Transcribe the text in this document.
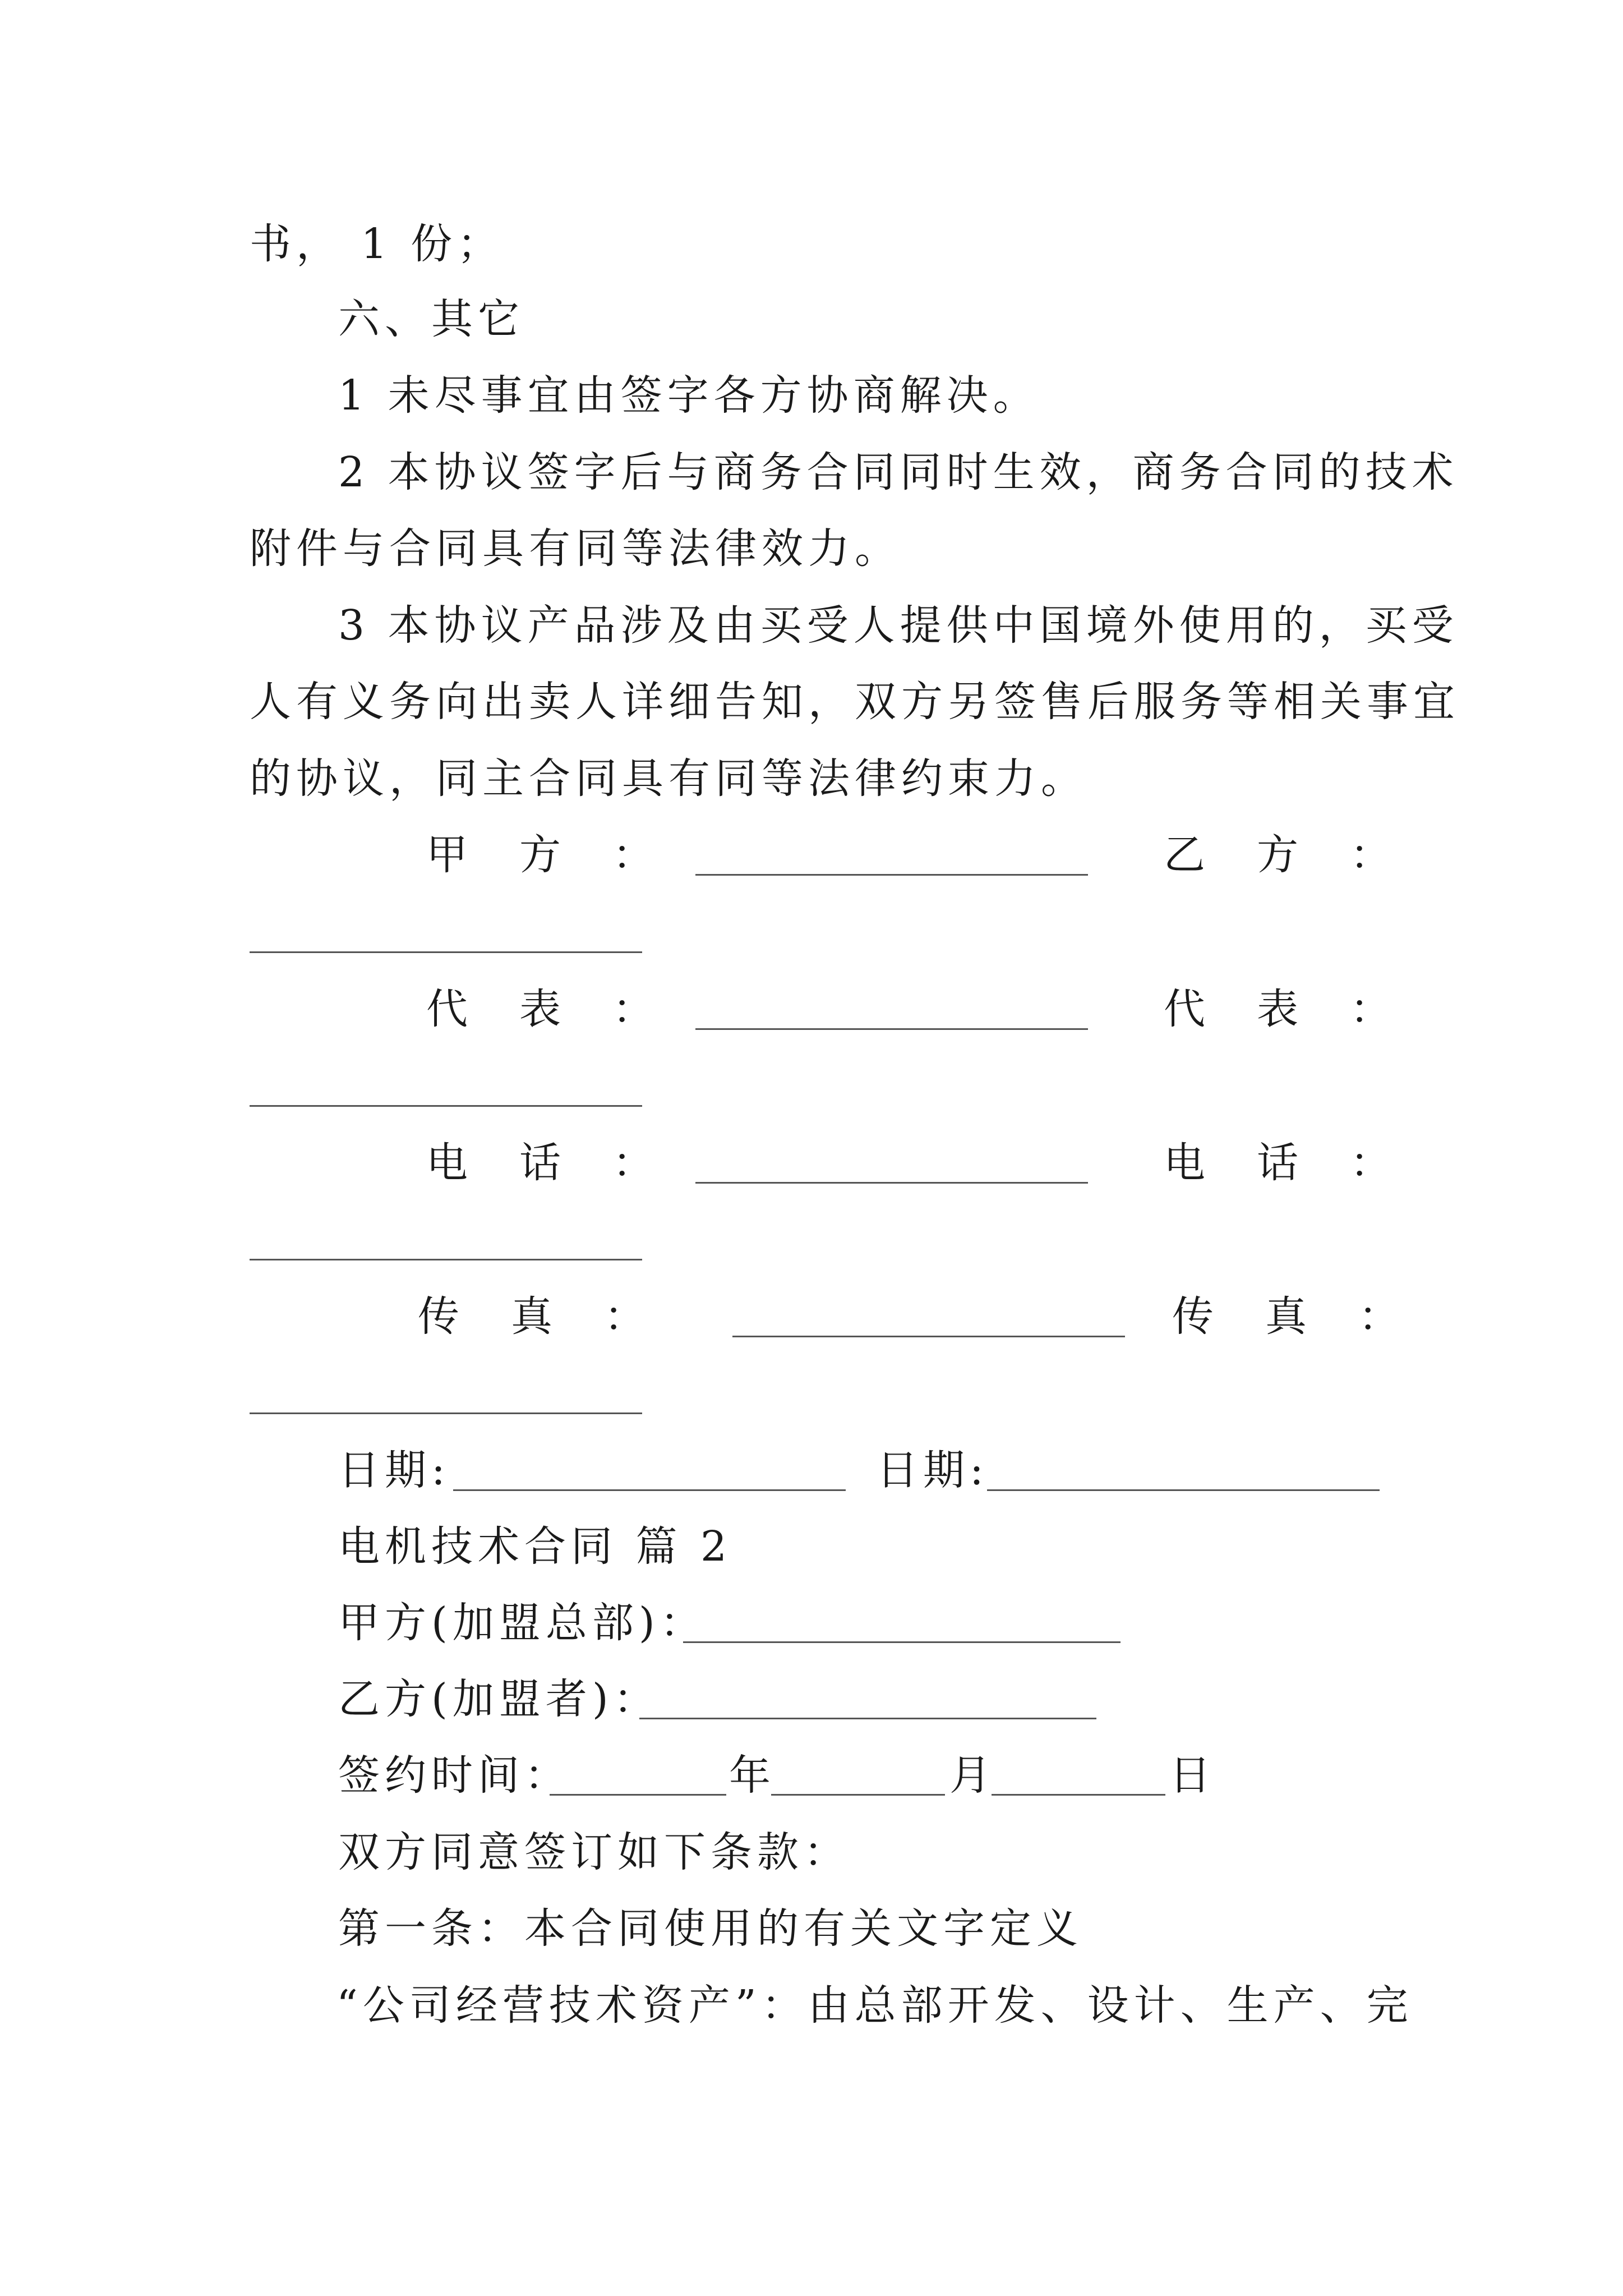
书， 1 份；

六、其它

1 未尽事宜由签字各方协商解决。

2 本协议签字后与商务合同同时生效，商务合同的技术

附件与合同具有同等法律效力。

3 本协议产品涉及由买受人提供中国境外使用的，买受

人有义务向出卖人详细告知，双方另签售后服务等相关事宜

的协议，同主合同具有同等法律约束力。

甲　方　：	乙　方　：

代　表　：	代　表　：

电　话　：	电　话　：

传　真　：	传　真　：

日期:	日期:

电机技术合同 篇 2

甲方(加盟总部)：

乙方(加盟者)：

签约时间：	年	月	日

双方同意签订如下条款：

第一条：本合同使用的有关文字定义

“公司经营技术资产”：由总部开发、设计、生产、完
